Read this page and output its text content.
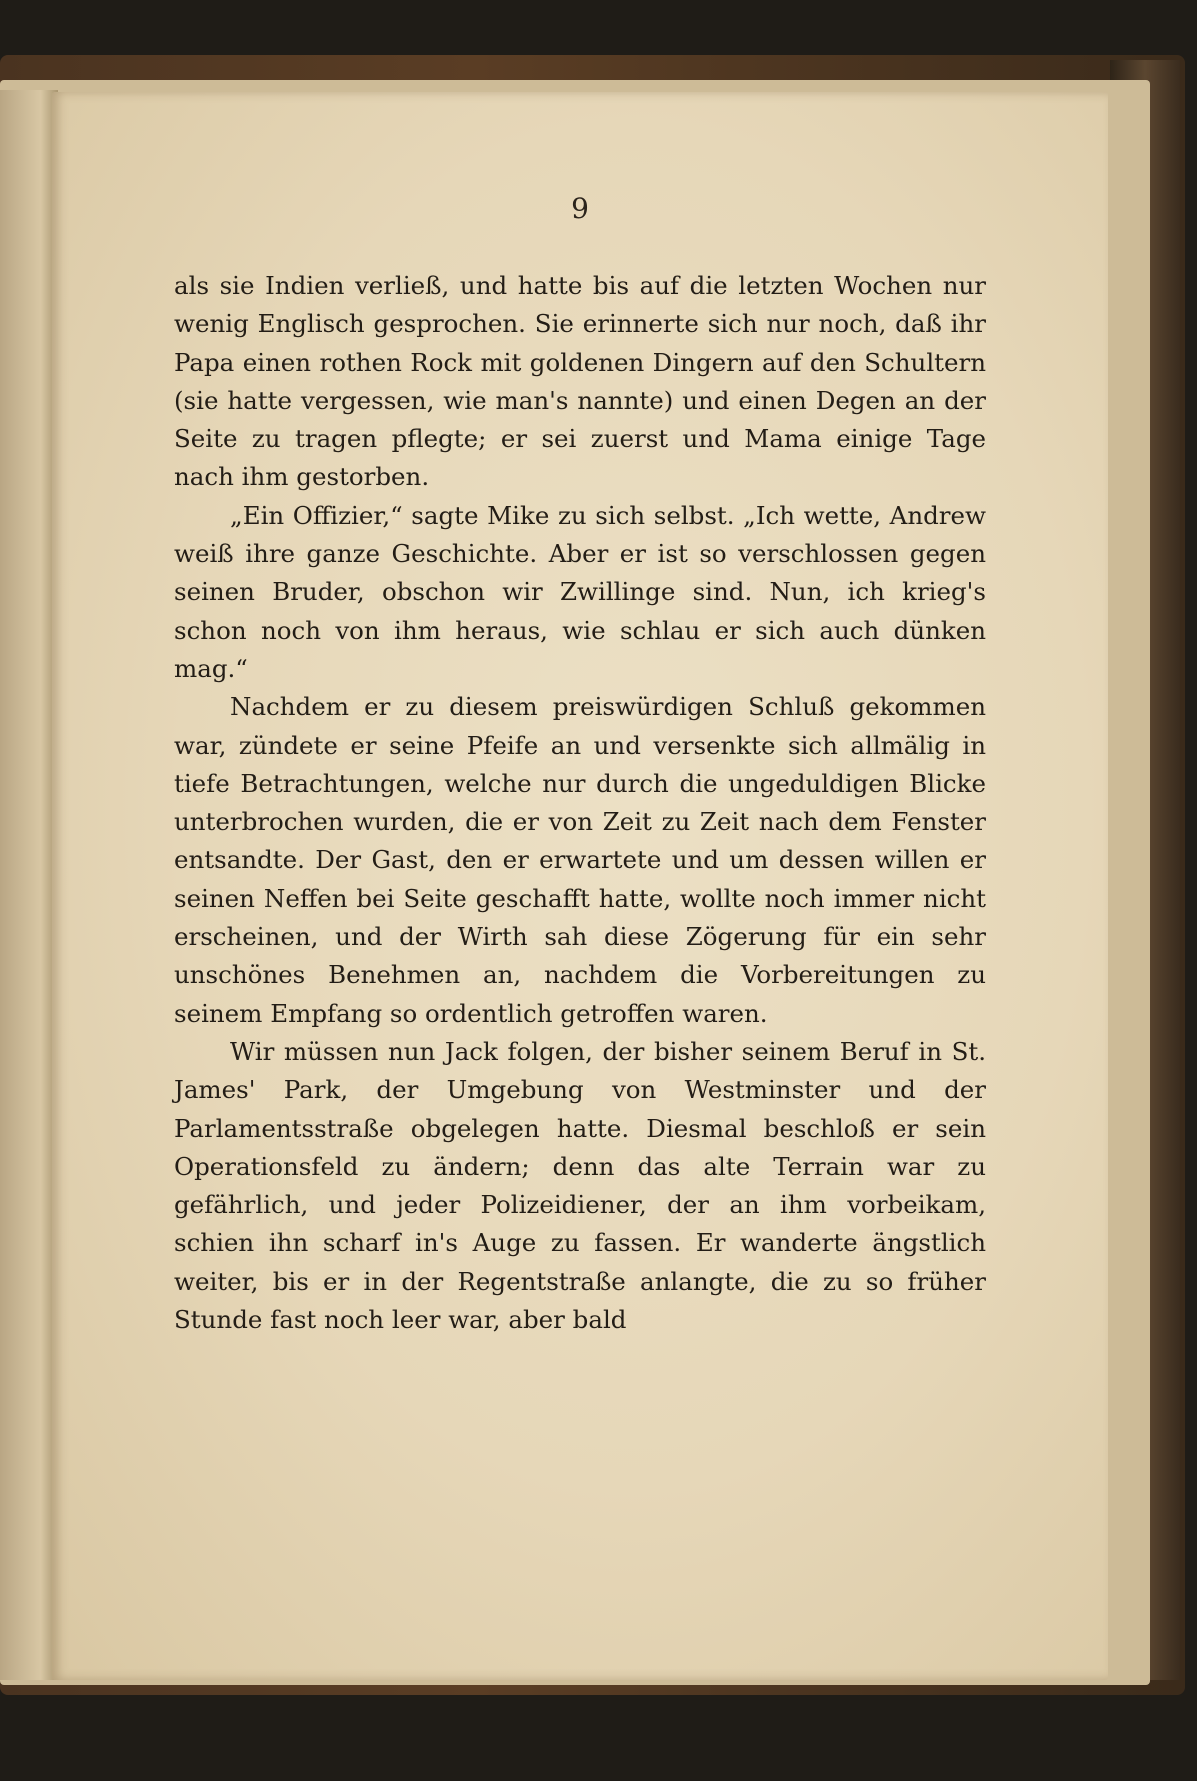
9

als sie Indien verließ, und hatte bis auf die letzten Wochen nur wenig Englisch gesprochen. Sie erinnerte sich nur noch, daß ihr Papa einen rothen Rock mit goldenen Dingern auf den Schultern (sie hatte vergessen, wie man's nannte) und einen Degen an der Seite zu tragen pflegte; er sei zuerst und Mama einige Tage nach ihm gestorben.

„Ein Offizier,“ sagte Mike zu sich selbst. „Ich wette, Andrew weiß ihre ganze Geschichte. Aber er ist so verschlossen gegen seinen Bruder, obschon wir Zwillinge sind. Nun, ich krieg's schon noch von ihm heraus, wie schlau er sich auch dünken mag.“

Nachdem er zu diesem preiswürdigen Schluß gekommen war, zündete er seine Pfeife an und versenkte sich allmälig in tiefe Betrachtungen, welche nur durch die ungeduldigen Blicke unterbrochen wurden, die er von Zeit zu Zeit nach dem Fenster entsandte. Der Gast, den er erwartete und um dessen willen er seinen Neffen bei Seite geschafft hatte, wollte noch immer nicht erscheinen, und der Wirth sah diese Zögerung für ein sehr unschönes Benehmen an, nachdem die Vorbereitungen zu seinem Empfang so ordentlich getroffen waren.

Wir müssen nun Jack folgen, der bisher seinem Beruf in St. James' Park, der Umgebung von Westminster und der Parlamentsstraße obgelegen hatte. Diesmal beschloß er sein Operationsfeld zu ändern; denn das alte Terrain war zu gefährlich, und jeder Polizeidiener, der an ihm vorbeikam, schien ihn scharf in's Auge zu fassen. Er wanderte ängstlich weiter, bis er in der Regentstraße anlangte, die zu so früher Stunde fast noch leer war, aber bald
